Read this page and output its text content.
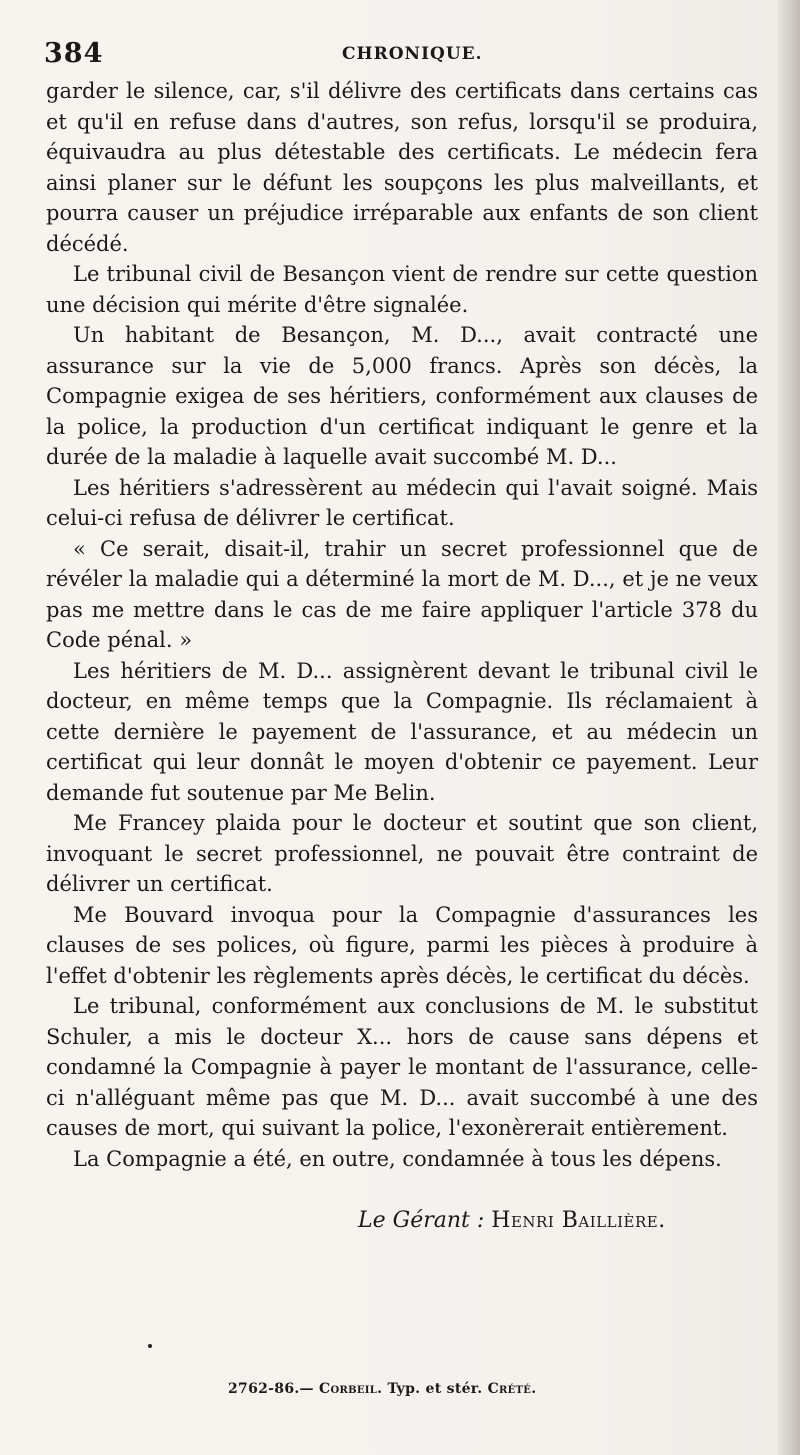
384	CHRONIQUE.

garder le silence, car, s'il délivre des certificats dans certains cas et qu'il en refuse dans d'autres, son refus, lorsqu'il se produira, équivaudra au plus détestable des certificats. Le médecin fera ainsi planer sur le défunt les soupçons les plus malveillants, et pourra causer un préjudice irréparable aux enfants de son client décédé.

Le tribunal civil de Besançon vient de rendre sur cette question une décision qui mérite d'être signalée.

Un habitant de Besançon, M. D..., avait contracté une assurance sur la vie de 5,000 francs. Après son décès, la Compagnie exigea de ses héritiers, conformément aux clauses de la police, la production d'un certificat indiquant le genre et la durée de la maladie à laquelle avait succombé M. D...

Les héritiers s'adressèrent au médecin qui l'avait soigné. Mais celui-ci refusa de délivrer le certificat.

« Ce serait, disait-il, trahir un secret professionnel que de révéler la maladie qui a déterminé la mort de M. D..., et je ne veux pas me mettre dans le cas de me faire appliquer l'article 378 du Code pénal. »

Les héritiers de M. D... assignèrent devant le tribunal civil le docteur, en même temps que la Compagnie. Ils réclamaient à cette dernière le payement de l'assurance, et au médecin un certificat qui leur donnât le moyen d'obtenir ce payement. Leur demande fut soutenue par Me Belin.

Me Francey plaida pour le docteur et soutint que son client, invoquant le secret professionnel, ne pouvait être contraint de délivrer un certificat.

Me Bouvard invoqua pour la Compagnie d'assurances les clauses de ses polices, où figure, parmi les pièces à produire à l'effet d'obtenir les règlements après décès, le certificat du décès.

Le tribunal, conformément aux conclusions de M. le substitut Schuler, a mis le docteur X... hors de cause sans dépens et condamné la Compagnie à payer le montant de l'assurance, celle-ci n'alléguant même pas que M. D... avait succombé à une des causes de mort, qui suivant la police, l'exonèrerait entièrement.

La Compagnie a été, en outre, condamnée à tous les dépens.

Le Gérant : Henri Baillière.
2762-86.— Corbeil. Typ. et stér. Crété.
